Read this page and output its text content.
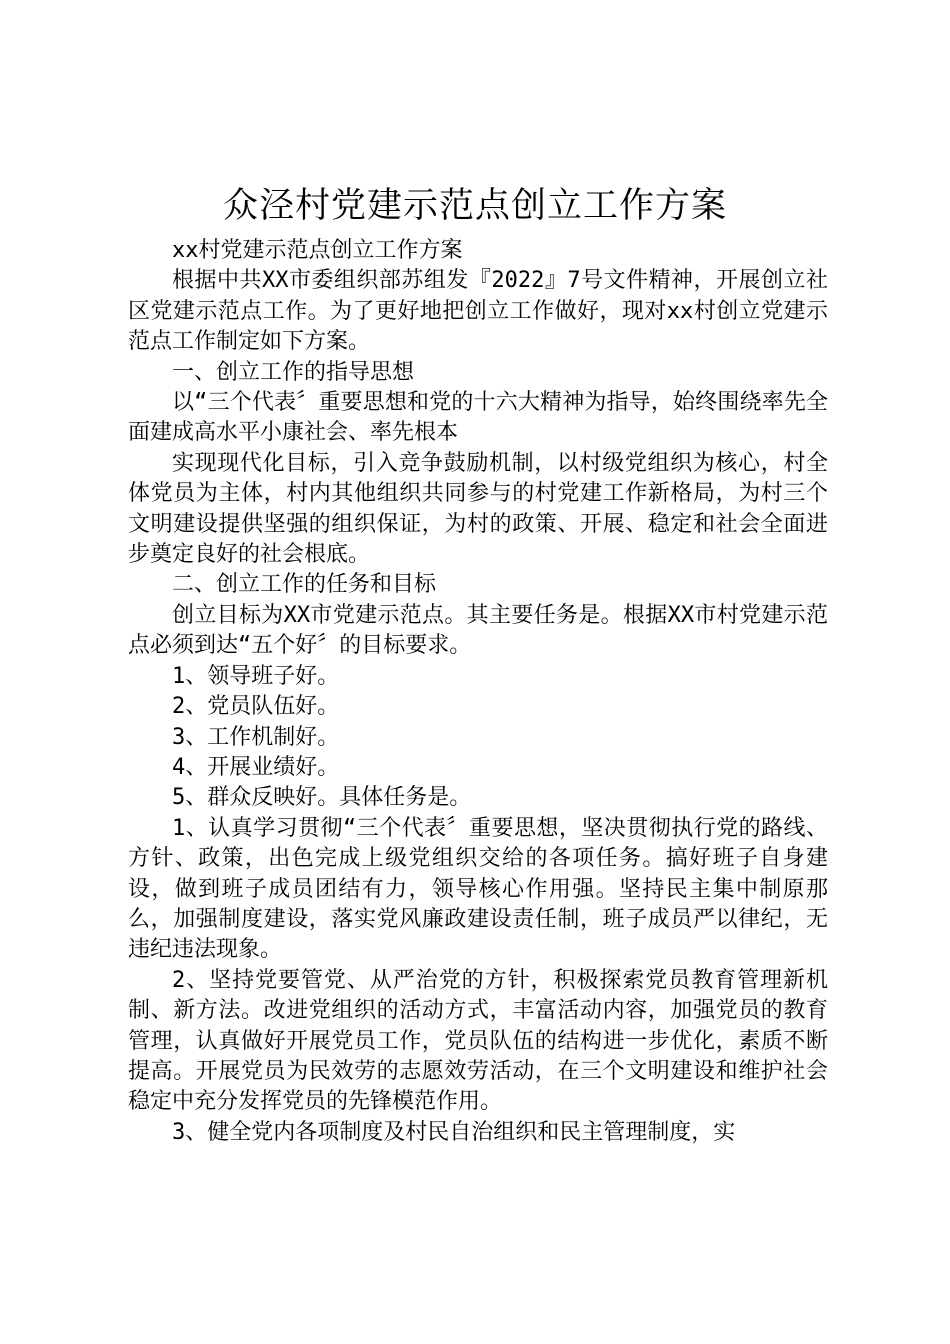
众泾村党建示范点创立工作方案

xx村党建示范点创立工作方案

根据中共XX市委组织部苏组发『2022』7号文件精神，开展创立社区党建示范点工作。为了更好地把创立工作做好，现对xx村创立党建示范点工作制定如下方案。

一、创立工作的指导思想

以“三个代表〞重要思想和党的十六大精神为指导，始终围绕率先全面建成高水平小康社会、率先根本

实现现代化目标，引入竞争鼓励机制，以村级党组织为核心，村全体党员为主体，村内其他组织共同参与的村党建工作新格局，为村三个文明建设提供坚强的组织保证，为村的政策、开展、稳定和社会全面进步奠定良好的社会根底。

二、创立工作的任务和目标

创立目标为XX市党建示范点。其主要任务是。根据XX市村党建示范点必须到达“五个好〞的目标要求。

1、领导班子好。

2、党员队伍好。

3、工作机制好。

4、开展业绩好。

5、群众反映好。具体任务是。

1、认真学习贯彻“三个代表〞重要思想，坚决贯彻执行党的路线、方针、政策，出色完成上级党组织交给的各项任务。搞好班子自身建设，做到班子成员团结有力，领导核心作用强。坚持民主集中制原那么，加强制度建设，落实党风廉政建设责任制，班子成员严以律纪，无违纪违法现象。

2、坚持党要管党、从严治党的方针，积极探索党员教育管理新机制、新方法。改进党组织的活动方式，丰富活动内容，加强党员的教育管理，认真做好开展党员工作，党员队伍的结构进一步优化，素质不断提高。开展党员为民效劳的志愿效劳活动，在三个文明建设和维护社会稳定中充分发挥党员的先锋模范作用。

3、健全党内各项制度及村民自治组织和民主管理制度，实
